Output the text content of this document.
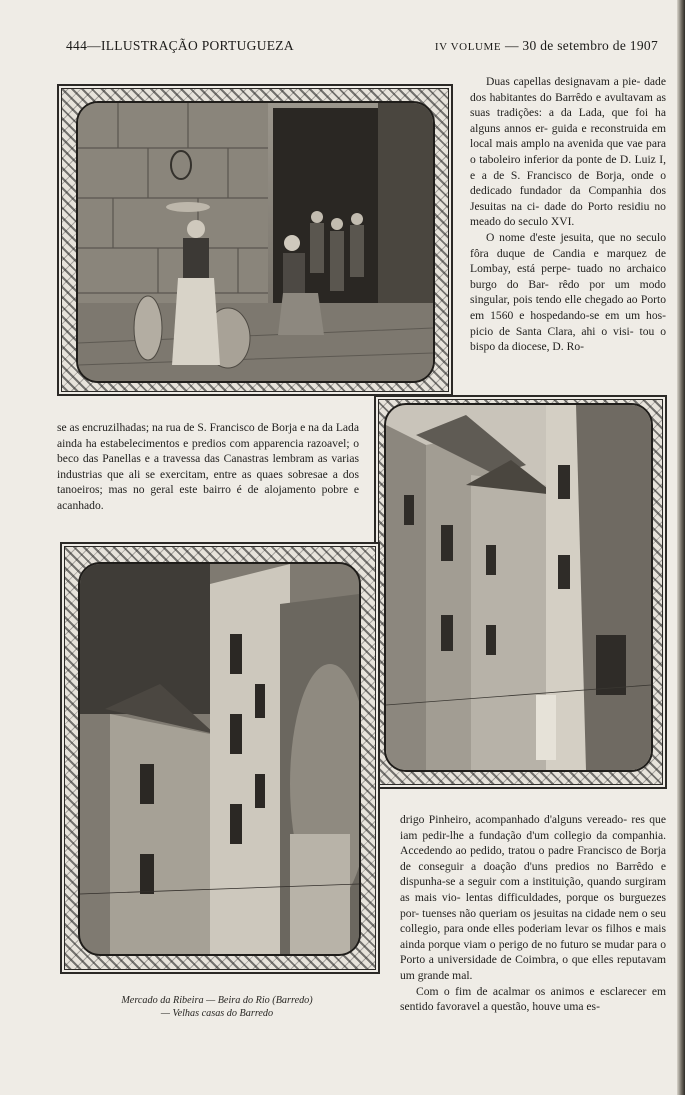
444—ILLUSTRAÇÃO PORTUGUEZA	IV VOLUME — 30 de setembro de 1907

Duas capellas designavam a pie- dade dos habitantes do Barrêdo e avultavam as suas tradições: a da Lada, que foi ha alguns annos er- guida e reconstruida em local mais amplo na avenida que vae para o taboleiro inferior da ponte de D. Luiz I, e a de S. Francisco de Borja, onde o dedicado fundador da Companhia dos Jesuitas na ci- dade do Porto residiu no meado do seculo XVI.

O nome d'este jesuita, que no seculo fôra duque de Candia e marquez de Lombay, está perpe- tuado no archaico burgo do Bar- rêdo por um modo singular, pois tendo elle chegado ao Porto em 1560 e hospedando-se em um hos- picio de Santa Clara, ahi o visi- tou o bispo da diocese, D. Ro-

se as encruzilhadas; na rua de S. Francisco de Borja e na da Lada ainda ha estabelecimentos e predios com apparencia razoavel; o beco das Panellas e a travessa das Canastras lembram as varias industrias que ali se exercitam, entre as quaes sobresae a dos tanoeiros; mas no geral este bairro é de alojamento pobre e acanhado.

drigo Pinheiro, acompanhado d'alguns vereado- res que iam pedir-lhe a fundação d'um collegio da companhia. Accedendo ao pedido, tratou o padre Francisco de Borja de conseguir a doação d'uns predios no Barrêdo e dispunha-se a seguir com a instituição, quando surgiram as mais vio- lentas difficuldades, porque os burguezes por- tuenses não queriam os jesuitas na cidade nem o seu collegio, para onde elles poderiam levar os filhos e mais ainda porque viam o perigo de no futuro se mudar para o Porto a universidade de Coimbra, o que elles reputavam um grande mal.

Com o fim de acalmar os animos e esclarecer em sentido favoravel a questão, houve uma es-

Mercado da Ribeira — Beira do Rio (Barredo)
— Velhas casas do Barredo
